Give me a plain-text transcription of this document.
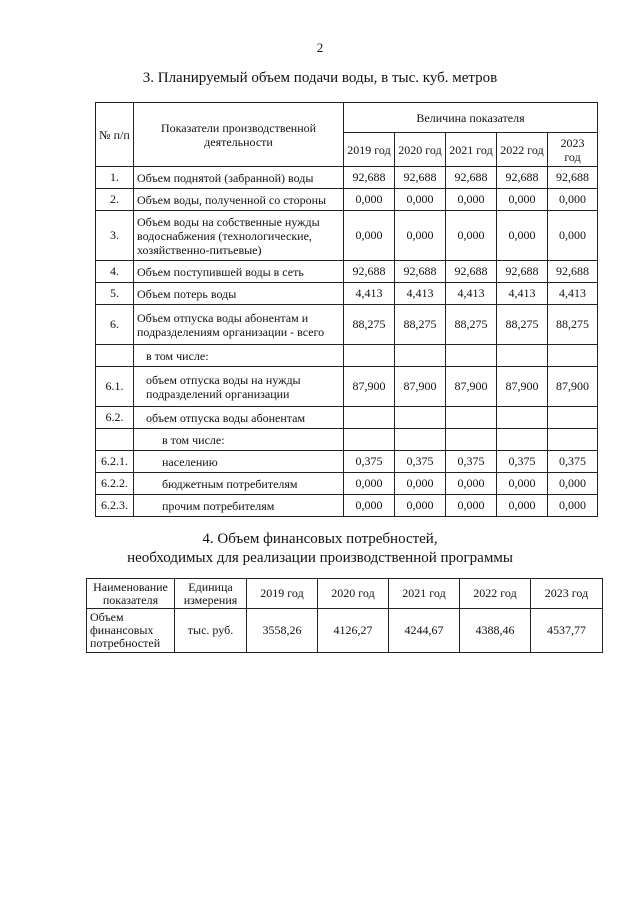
2
3. Планируемый объем подачи воды, в тыс. куб. метров
№ п/п	Показатели производственной деятельности	Величина показателя				
		2019 год	2020 год	2021 год	2022 год	2023 год
1.	Объем поднятой (забранной) воды	92,688	92,688	92,688	92,688	92,688
2.	Объем воды, полученной со стороны	0,000	0,000	0,000	0,000	0,000
3.	Объем воды на собственные нужды водоснабжения (технологические, хозяйственно-питьевые)	0,000	0,000	0,000	0,000	0,000
4.	Объем поступившей воды в сеть	92,688	92,688	92,688	92,688	92,688
5.	Объем потерь воды	4,413	4,413	4,413	4,413	4,413
6.	Объем отпуска воды абонентам и подразделениям организации - всего	88,275	88,275	88,275	88,275	88,275
	в том числе:					
6.1.	объем отпуска воды на нужды подразделений организации	87,900	87,900	87,900	87,900	87,900
6.2.	объем отпуска воды абонентам					
	в том числе:					
6.2.1.	населению	0,375	0,375	0,375	0,375	0,375
6.2.2.	бюджетным потребителям	0,000	0,000	0,000	0,000	0,000
6.2.3.	прочим потребителям	0,000	0,000	0,000	0,000	0,000
4. Объем финансовых потребностей,
необходимых для реализации производственной программы
Наименование показателя	Единица измерения	2019 год	2020 год	2021 год	2022 год	2023 год
Объем финансовых потребностей	тыс. руб.	3558,26	4126,27	4244,67	4388,46	4537,77
